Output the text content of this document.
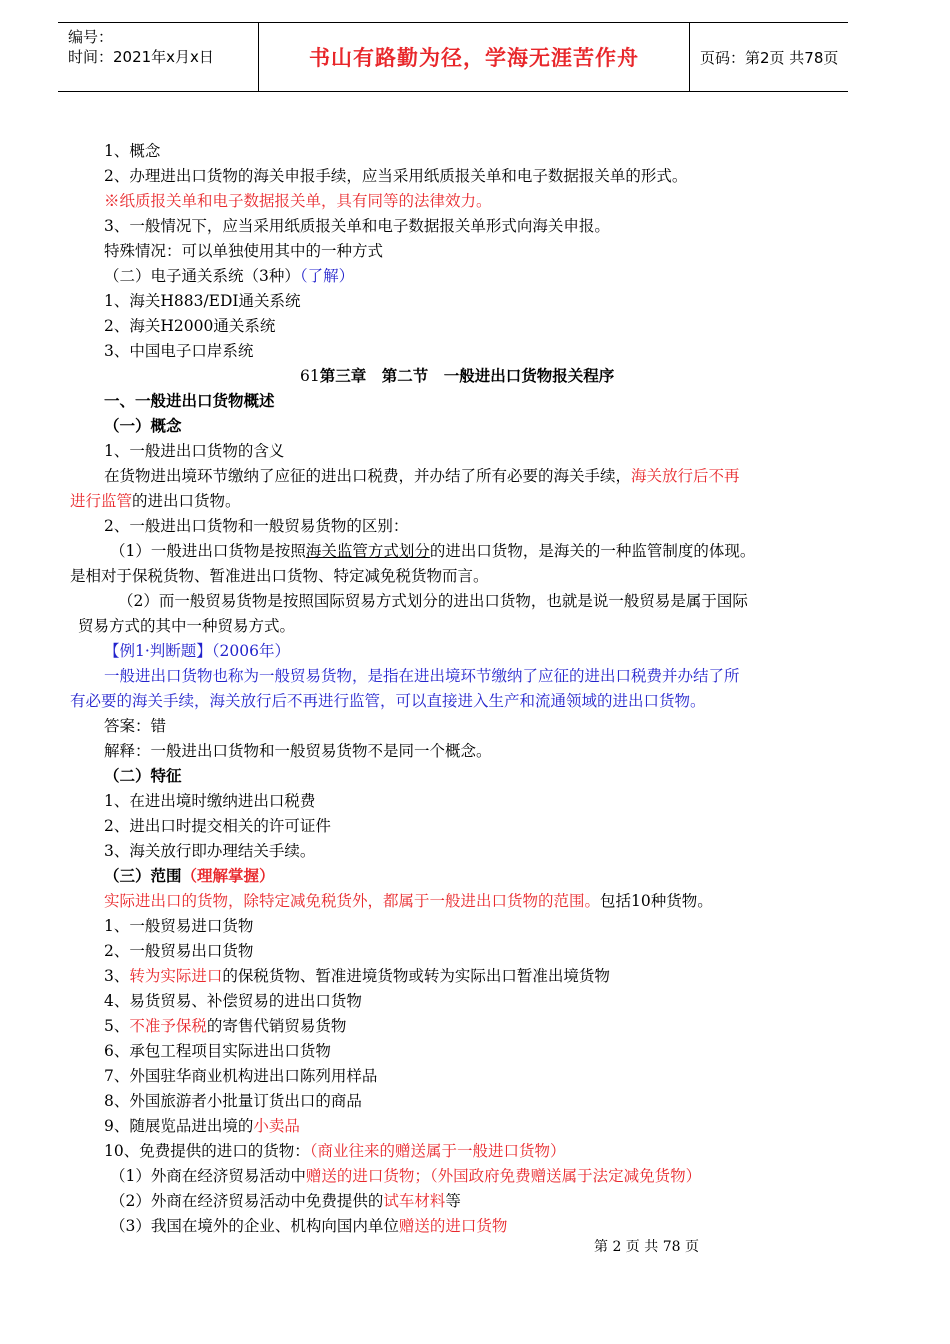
编号：
时间：2021年x月x日	书山有路勤为径，学海无涯苦作舟	页码：第2页 共78页
1、概念
2、办理进出口货物的海关申报手续，应当采用纸质报关单和电子数据报关单的形式。
※纸质报关单和电子数据报关单，具有同等的法律效力。
3、一般情况下，应当采用纸质报关单和电子数据报关单形式向海关申报。
特殊情况：可以单独使用其中的一种方式
（二）电子通关系统（3种）（了解）
1、海关H883/EDI通关系统
2、海关H2000通关系统
3、中国电子口岸系统
61第三章　第二节　一般进出口货物报关程序
一、一般进出口货物概述
（一）概念
1、一般进出口货物的含义
在货物进出境环节缴纳了应征的进出口税费，并办结了所有必要的海关手续，海关放行后不再
进行监管的进出口货物。
2、一般进出口货物和一般贸易货物的区别：
（1）一般进出口货物是按照海关监管方式划分的进出口货物，是海关的一种监管制度的体现。
是相对于保税货物、暂准进出口货物、特定减免税货物而言。
（2）而一般贸易货物是按照国际贸易方式划分的进出口货物，也就是说一般贸易是属于国际
贸易方式的其中一种贸易方式。
【例1·判断题】（2006年）
一般进出口货物也称为一般贸易货物，是指在进出境环节缴纳了应征的进出口税费并办结了所
有必要的海关手续，海关放行后不再进行监管，可以直接进入生产和流通领域的进出口货物。
答案：错
解释：一般进出口货物和一般贸易货物不是同一个概念。
（二）特征
1、在进出境时缴纳进出口税费
2、进出口时提交相关的许可证件
3、海关放行即办理结关手续。
（三）范围（理解掌握）
实际进出口的货物，除特定减免税货外，都属于一般进出口货物的范围。包括10种货物。
1、一般贸易进口货物
2、一般贸易出口货物
3、转为实际进口的保税货物、暂准进境货物或转为实际出口暂准出境货物
4、易货贸易、补偿贸易的进出口货物
5、不准予保税的寄售代销贸易货物
6、承包工程项目实际进出口货物
7、外国驻华商业机构进出口陈列用样品
8、外国旅游者小批量订货出口的商品
9、随展览品进出境的小卖品
10、免费提供的进口的货物：（商业往来的赠送属于一般进口货物）
（1）外商在经济贸易活动中赠送的进口货物；（外国政府免费赠送属于法定减免货物）
（2）外商在经济贸易活动中免费提供的试车材料等
（3）我国在境外的企业、机构向国内单位赠送的进口货物
第 2 页 共 78 页
